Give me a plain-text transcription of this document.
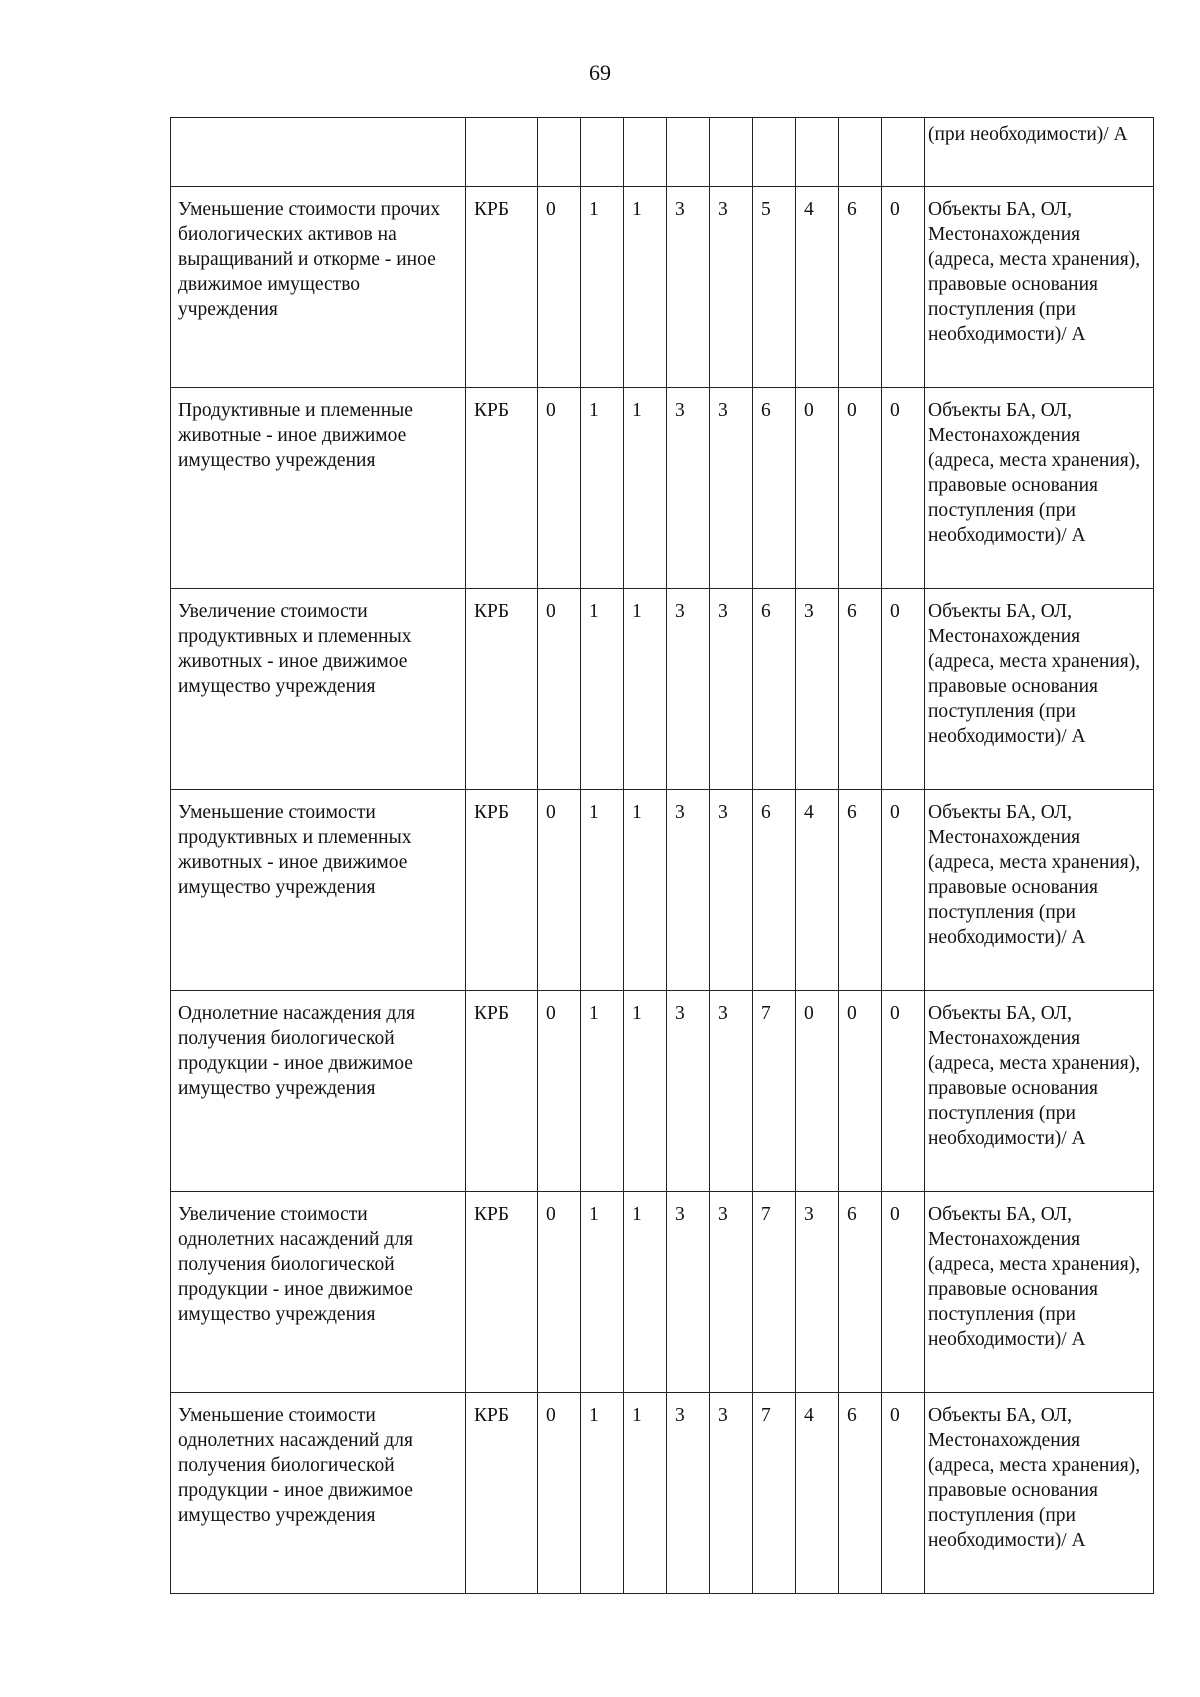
69
											(при необходимости)/ А
Уменьшение стоимости прочих биологических активов на выращиваний и откорме - иное движимое имущество учреждения	КРБ	0	1	1	3	3	5	4	6	0	Объекты БА, ОЛ, Местонахождения (адреса, места хранения), правовые основания поступления (при необходимости)/ А
Продуктивные и племенные животные - иное движимое имущество учреждения	КРБ	0	1	1	3	3	6	0	0	0	Объекты БА, ОЛ, Местонахождения (адреса, места хранения), правовые основания поступления (при необходимости)/ А
Увеличение стоимости продуктивных и племенных животных - иное движимое имущество учреждения	КРБ	0	1	1	3	3	6	3	6	0	Объекты БА, ОЛ, Местонахождения (адреса, места хранения), правовые основания поступления (при необходимости)/ А
Уменьшение стоимости продуктивных и племенных животных - иное движимое имущество учреждения	КРБ	0	1	1	3	3	6	4	6	0	Объекты БА, ОЛ, Местонахождения (адреса, места хранения), правовые основания поступления (при необходимости)/ А
Однолетние насаждения для получения биологической продукции - иное движимое имущество учреждения	КРБ	0	1	1	3	3	7	0	0	0	Объекты БА, ОЛ, Местонахождения (адреса, места хранения), правовые основания поступления (при необходимости)/ А
Увеличение стоимости однолетних насаждений для получения биологической продукции - иное движимое имущество учреждения	КРБ	0	1	1	3	3	7	3	6	0	Объекты БА, ОЛ, Местонахождения (адреса, места хранения), правовые основания поступления (при необходимости)/ А
Уменьшение стоимости однолетних насаждений для получения биологической продукции - иное движимое имущество учреждения	КРБ	0	1	1	3	3	7	4	6	0	Объекты БА, ОЛ, Местонахождения (адреса, места хранения), правовые основания поступления (при необходимости)/ А
